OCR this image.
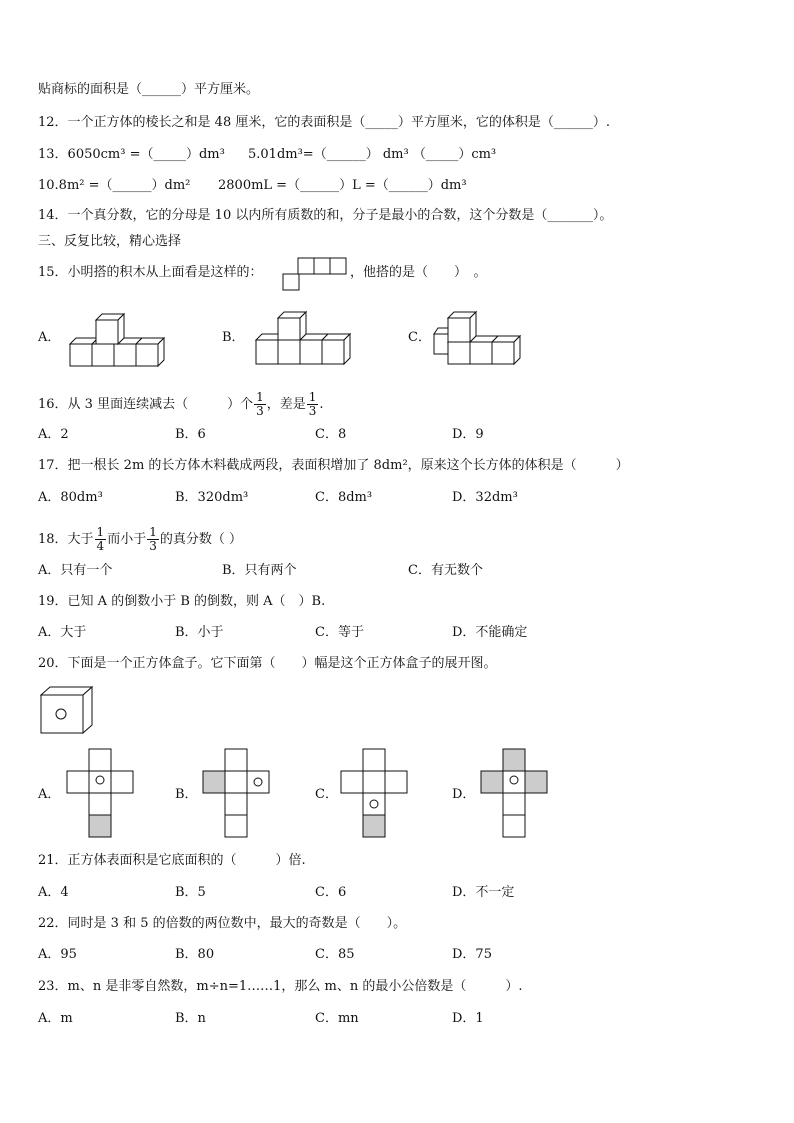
贴商标的面积是（______）平方厘米。
12．一个正方体的棱长之和是 48 厘米，它的表面积是（_____）平方厘米，它的体积是（______）.
13．6050cm³ =（_____）dm³ 5.01dm³=（______） dm³ （_____）cm³
10.8m² =（______）dm² 2800mL =（______）L =（______）dm³
14．一个真分数，它的分母是 10 以内所有质数的和，分子是最小的合数，这个分数是（_______）。
三、反复比较，精心选择
15．小明搭的积木从上面看是这样的：	，他搭的是（　　）　。
A．	B．	C．
16．从 3 里面连续减去（　　　）个 $\frac{1}{3}$ ，差是 $\frac{1}{3}$ .
A．2	B．6	C．8	D．9
17．把一根长 2m 的长方体木料截成两段，表面积增加了 8dm²，原来这个长方体的体积是（　　　）
A．80dm³	B．320dm³	C．8dm³	D．32dm³
18．大于 $\frac{1}{4}$ 而小于 $\frac{1}{3}$ 的真分数（ ）
A．只有一个	B．只有两个	C．有无数个
19．已知 A 的倒数小于 B 的倒数，则 A（　）B.
A．大于	B．小于	C．等于	D．不能确定
20．下面是一个正方体盒子。它下面第（　　）幅是这个正方体盒子的展开图。
A．	B．	C．	D．
21．正方体表面积是它底面积的（　　　）倍.
A．4	B．5	C．6	D．不一定
22．同时是 3 和 5 的倍数的两位数中，最大的奇数是（　　）。
A．95	B．80	C．85	D．75
23．m、n 是非零自然数，m÷n=1……1，那么 m、n 的最小公倍数是（　　　）.
A．m	B．n	C．mn	D．1
